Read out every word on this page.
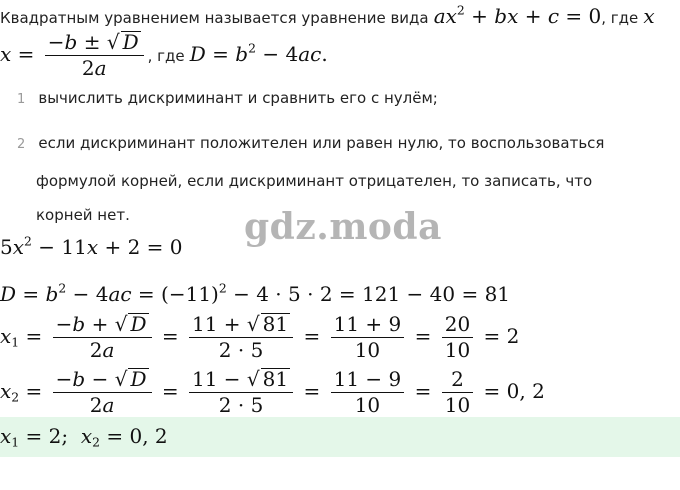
Квадратным уравнением называется уравнение вида $ax^2$ + bx + c = 0, где x
$x = \frac{-b \pm √ D}{2a}$ , где $D = b^2 - 4ac$.
1 вычислить дискриминант и сравнить его с нулём;
2 если дискриминант положителен или равен нулю, то воспользоваться
формулой корней, если дискриминант отрицателен, то записать, что
корней нет.	gdz.moda
$5x^2 - 11x + 2 = 0$
$D = b^2 - 4ac = (-11)^2 - 4 \cdot 5 \cdot 2 = 121 - 40 = 81$
$x_1 = \frac{-b + √ D}{2a} = \frac{11 + √ 81}{2 \cdot 5} = \frac{11 + 9}{10} = \frac{20}{10} = 2$
$x_2 = \frac{-b - √ D}{2a} = \frac{11 - √ 81}{2 \cdot 5} = \frac{11 - 9}{10} = \frac{2}{10} = 0$, 2
$x_1 = 2$;  $x_2 = 0$, 2
